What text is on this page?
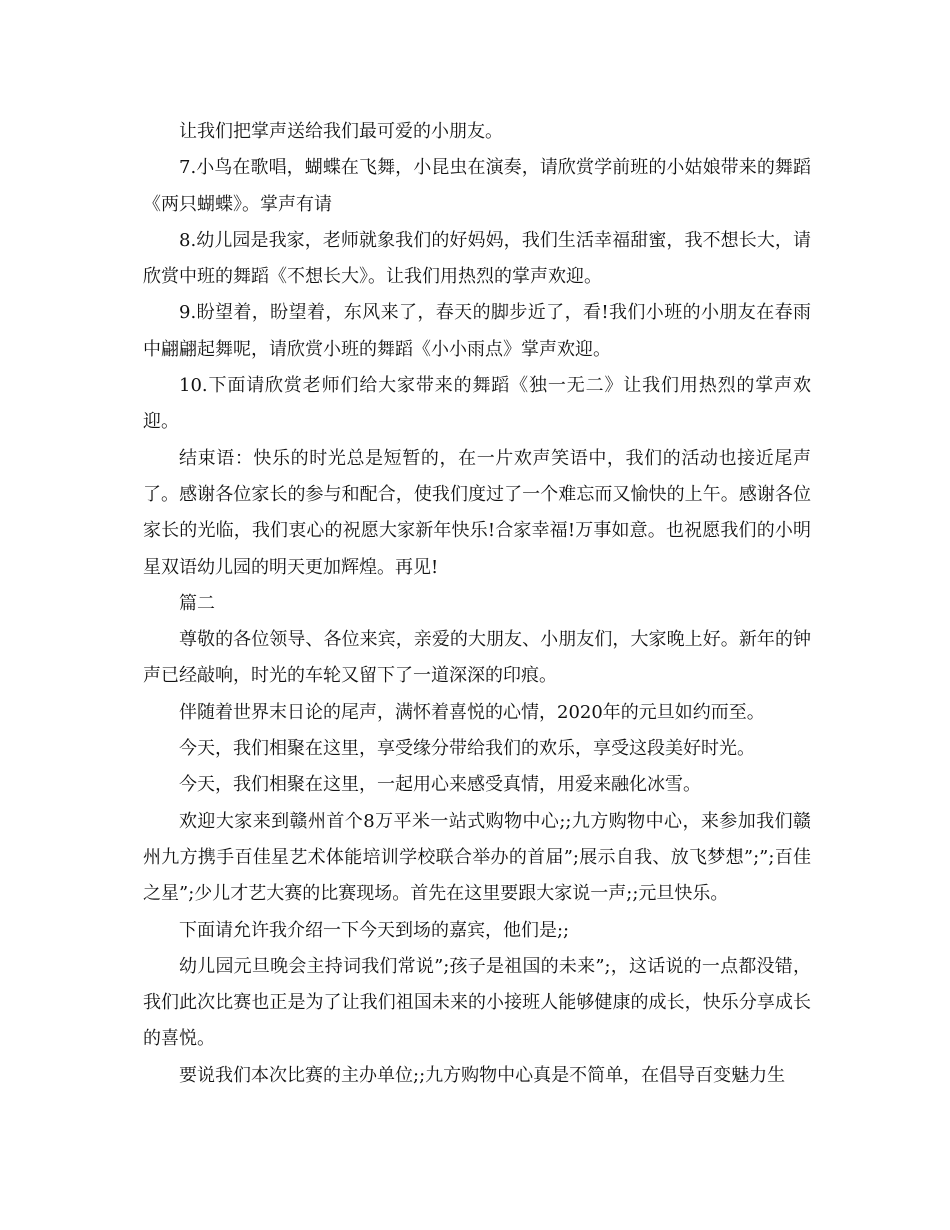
让我们把掌声送给我们最可爱的小朋友。

7.小鸟在歌唱，蝴蝶在飞舞，小昆虫在演奏，请欣赏学前班的小姑娘带来的舞蹈《两只蝴蝶》。掌声有请

8.幼儿园是我家，老师就象我们的好妈妈，我们生活幸福甜蜜，我不想长大，请欣赏中班的舞蹈《不想长大》。让我们用热烈的掌声欢迎。

9.盼望着，盼望着，东风来了，春天的脚步近了，看!我们小班的小朋友在春雨中翩翩起舞呢，请欣赏小班的舞蹈《小小雨点》掌声欢迎。

10.下面请欣赏老师们给大家带来的舞蹈《独一无二》让我们用热烈的掌声欢迎。

结束语：快乐的时光总是短暂的，在一片欢声笑语中，我们的活动也接近尾声了。感谢各位家长的参与和配合，使我们度过了一个难忘而又愉快的上午。感谢各位家长的光临，我们衷心的祝愿大家新年快乐!合家幸福!万事如意。也祝愿我们的小明星双语幼儿园的明天更加辉煌。再见!

篇二

尊敬的各位领导、各位来宾，亲爱的大朋友、小朋友们，大家晚上好。新年的钟声已经敲响，时光的车轮又留下了一道深深的印痕。

伴随着世界末日论的尾声，满怀着喜悦的心情，2020年的元旦如约而至。

今天，我们相聚在这里，享受缘分带给我们的欢乐，享受这段美好时光。

今天，我们相聚在这里，一起用心来感受真情，用爱来融化冰雪。

欢迎大家来到赣州首个8万平米一站式购物中心;;九方购物中心，来参加我们赣州九方携手百佳星艺术体能培训学校联合举办的首届”;展示自我、放飞梦想”;”;百佳之星”;少儿才艺大赛的比赛现场。首先在这里要跟大家说一声;;元旦快乐。

下面请允许我介绍一下今天到场的嘉宾，他们是;;

幼儿园元旦晚会主持词我们常说”;孩子是祖国的未来”;，这话说的一点都没错，我们此次比赛也正是为了让我们祖国未来的小接班人能够健康的成长，快乐分享成长的喜悦。

要说我们本次比赛的主办单位;;九方购物中心真是不简单，在倡导百变魅力生
